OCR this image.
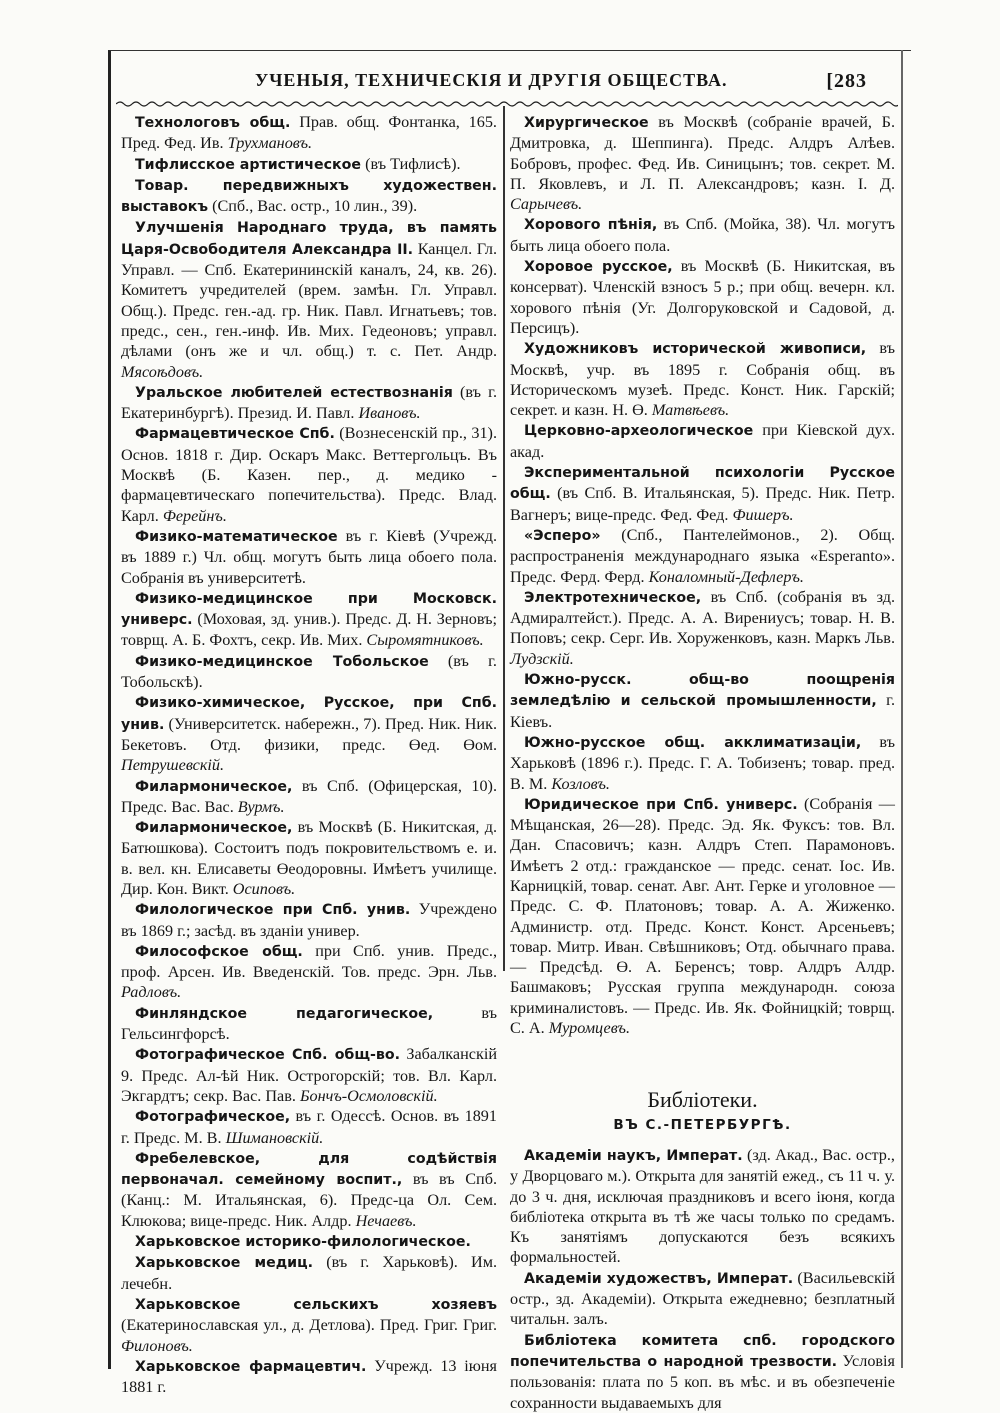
УЧЕНЫЯ, ТЕХНИЧЕСКІЯ И ДРУГІЯ ОБЩЕСТВА.	[283
Технологовъ общ. Прав. общ. Фонтанка, 165. Пред. Фед. Ив. Трухмановъ.
Тифлисское артистическое (въ Тифлисѣ).
Товар. передвижныхъ художествен. выставокъ (Спб., Вас. остр., 10 лин., 39).
Улучшенія Народнаго труда, въ память Царя-Освободителя Александра II. Канцел. Гл. Управл. — Спб. Екатерининскій каналъ, 24, кв. 26). Комитетъ учредителей (врем. замѣн. Гл. Управл. Общ.). Предс. ген.-ад. гр. Ник. Павл. Игнатьевъ; тов. предс., сен., ген.-инф. Ив. Мих. Гедеоновъ; управл. дѣлами (онъ же и чл. общ.) т. с. Пет. Андр. Мясоѣдовъ.
Уральское любителей естествознанія (въ г. Екатеринбургѣ). Презид. И. Павл. Ивановъ.
Фармацевтическое Спб. (Вознесенскій пр., 31). Основ. 1818 г. Дир. Оскаръ Макс. Веттергольцъ. Въ Москвѣ (Б. Казен. пер., д. медико - фармацевтическаго попечительства). Предс. Влад. Карл. Ферейнъ.
Физико-математическое въ г. Кіевѣ (Учрежд. въ 1889 г.) Чл. общ. могутъ быть лица обоего пола. Собранія въ университетѣ.
Физико-медицинское при Московск. универс. (Моховая, зд. унив.). Предс. Д. Н. Зерновъ; товрщ. А. Б. Фохтъ, секр. Ив. Мих. Сыромятниковъ.
Физико-медицинское Тобольское (въ г. Тобольскѣ).
Физико-химическое, Русское, при Спб. унив. (Университетск. набережн., 7). Пред. Ник. Ник. Бекетовъ. Отд. физики, предс. Өед. Өом. Петрушевскій.
Филармоническое, въ Спб. (Офицерская, 10). Предс. Вас. Вас. Вурмъ.
Филармоническое, въ Москвѣ (Б. Никитская, д. Батюшкова). Состоитъ подъ покровительствомъ е. и. в. вел. кн. Елисаветы Өеодоровны. Имѣетъ училище. Дир. Кон. Викт. Осиповъ.
Филологическое при Спб. унив. Учреждено въ 1869 г.; засѣд. въ зданіи универ.
Философское общ. при Спб. унив. Предс., проф. Арсен. Ив. Введенскій. Тов. предс. Эрн. Льв. Радловъ.
Финляндское педагогическое, въ Гельсингфорсѣ.
Фотографическое Спб. общ-во. Забалканскій 9. Предс. Ал-ѣй Ник. Острогорскій; тов. Вл. Карл. Экгардтъ; секр. Вас. Пав. Бончъ-Осмоловскій.
Фотографическое, въ г. Одессѣ. Основ. въ 1891 г. Предс. М. В. Шимановскій.
Фребелевское, для содѣйствія первоначал. семейному воспит., въ въ Спб. (Канц.: М. Итальянская, 6). Предс-ца Ол. Сем. Клюкова; вице-предс. Ник. Алдр. Нечаевъ.
Харьковское историко-филологическое.
Харьковское медиц. (въ г. Харьковѣ). Им. лечебн.
Харьковское сельскихъ хозяевъ (Екатеринославская ул., д. Детлова). Пред. Григ. Григ. Филоновъ.
Харьковское фармацевтич. Учрежд. 13 іюня 1881 г.
Хирургическое въ Москвѣ (собраніе врачей, Б. Дмитровка, д. Шеппинга). Предс. Алдръ Алѣев. Бобровъ, профес. Фед. Ив. Синицынъ; тов. секрет. М. П. Яковлевъ, и Л. П. Александровъ; казн. І. Д. Сарычевъ.
Хорового пѣнія, въ Спб. (Мойка, 38). Чл. могутъ быть лица обоего пола.
Хоровое русское, въ Москвѣ (Б. Никитская, въ консерват). Членскій взносъ 5 р.; при общ. вечерн. кл. хорового пѣнія (Уг. Долгоруковской и Садовой, д. Персицъ).
Художниковъ исторической живописи, въ Москвѣ, учр. въ 1895 г. Собранія общ. въ Историческомъ музеѣ. Предс. Конст. Ник. Гарскій; секрет. и казн. Н. Ө. Матвѣевъ.
Церковно-археологическое при Кіевской дух. акад.
Экспериментальной психологіи Русское общ. (въ Спб. В. Итальянская, 5). Предс. Ник. Петр. Вагнеръ; вице-предс. Фед. Фед. Фишеръ.
«Эсперо» (Спб., Пантелеймонов., 2). Общ. распространенія международнаго языка «Esperanto». Предс. Ферд. Ферд. Коналомный-Дефлеръ.
Электротехническое, въ Спб. (собранія въ зд. Адмиралтейст.). Предс. А. А. Вирениусъ; товар. Н. В. Поповъ; секр. Серг. Ив. Хоруженковъ, казн. Маркъ Льв. Лудзскій.
Южно-русск. общ-во поощренія земледѣлію и сельской промышленности, г. Кіевъ.
Южно-русское общ. акклиматизаціи, въ Харьковѣ (1896 г.). Предс. Г. А. Тобизенъ; товар. пред. В. М. Козловъ.
Юридическое при Спб. универс. (Собранія — Мѣщанская, 26—28). Предс. Эд. Як. Фуксъ: тов. Вл. Дан. Спасовичъ; казн. Алдръ Степ. Парамоновъ. Имѣетъ 2 отд.: гражданское — предс. сенат. Іос. Ив. Карницкій, товар. сенат. Авг. Ант. Герке и уголовное — Предс. С. Ф. Платоновъ; товар. А. А. Жиженко. Администр. отд. Предс. Конст. Конст. Арсеньевъ; товар. Митр. Иван. Свѣшниковъ; Отд. обычнаго права. — Предсѣд. Ө. А. Беренсъ; товр. Алдръ Алдр. Башмаковъ; Русская группа международн. союза криминалистовъ. — Предс. Ив. Як. Фойницкій; товрщ. С. А. Муромцевъ.
Библіотеки.
ВЪ С.-ПЕТЕРБУРГѢ.
Академіи наукъ, Императ. (зд. Акад., Вас. остр., у Дворцоваго м.). Открыта для занятій ежед., съ 11 ч. у. до 3 ч. дня, исключая праздниковъ и всего іюня, когда библіотека открыта въ тѣ же часы только по средамъ. Къ занятіямъ допускаются безъ всякихъ формальностей.
Академіи художествъ, Императ. (Васильевскій остр., зд. Академіи). Открыта ежедневно; безплатный читальн. залъ.
Библіотека комитета спб. городского попечительства о народной трезвости. Условія пользованія: плата по 5 коп. въ мѣс. и въ обезпеченіе сохранности выдаваемыхъ для
